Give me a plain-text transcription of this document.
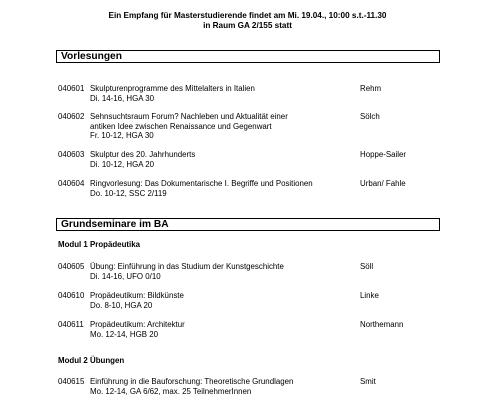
Ein Empfang für Masterstudierende findet am Mi. 19.04., 10:00 s.t.-11.30
in Raum GA 2/155 statt
Vorlesungen
040601 Skulpturenprogramme des Mittelalters in Italien
Di. 14-16, HGA 30
Rehm
040602 Sehnsuchtsraum Forum? Nachleben und Aktualität einer
antiken Idee zwischen Renaissance und Gegenwart
Fr. 10-12, HGA 30
Sölch
040603 Skulptur des 20. Jahrhunderts
Di. 10-12, HGA 20
Hoppe-Sailer
040604 Ringvorlesung: Das Dokumentarische I. Begriffe und Positionen
Do. 10-12, SSC 2/119
Urban/ Fahle
Grundseminare im BA
Modul 1 Propädeutika
040605 Übung: Einführung in das Studium der Kunstgeschichte
Di. 14-16, UFO 0/10
Söll
040610 Propädeutikum: Bildkünste
Do. 8-10, HGA 20
Linke
040611 Propädeutikum: Architektur
Mo. 12-14, HGB 20
Northemann
Modul 2 Übungen
040615 Einführung in die Bauforschung: Theoretische Grundlagen
Mo. 12-14, GA 6/62, max. 25 TeilnehmerInnen
Smit
